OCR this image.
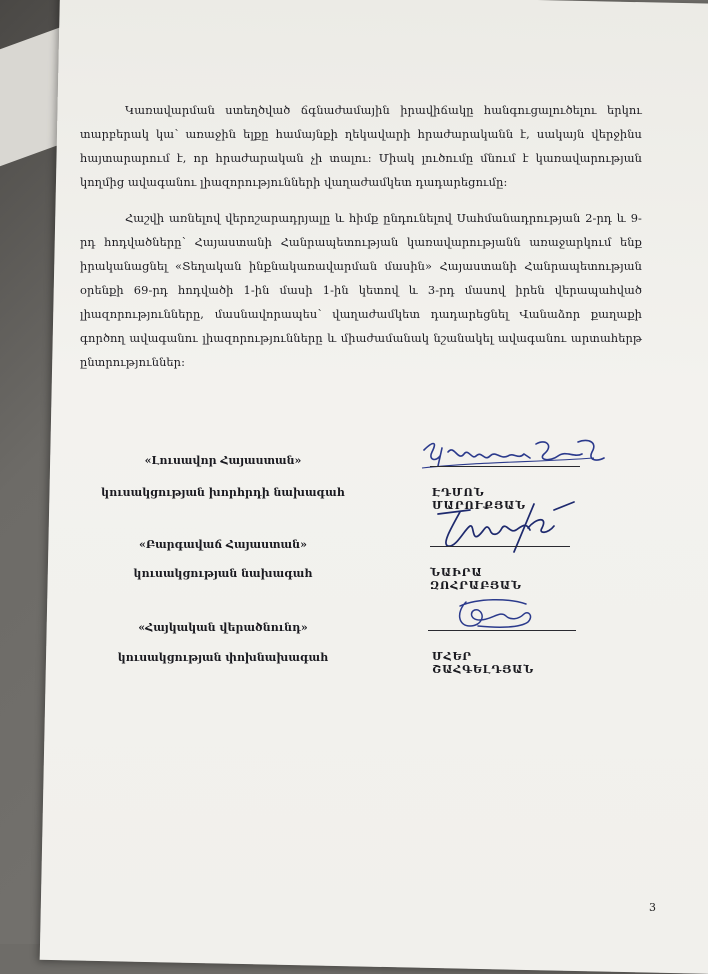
Կառավարման ստեղծված ճգնաժամային իրավիճակը հանգուցալուծելու երկու տարբերակ կա՝ առաջին ելքը համայնքի ղեկավարի հրաժարականն է, սակայն վերջինս հայտարարում է, որ հրաժարական չի տալու: Միակ լուծումը մնում է կառավարության կողմից ավագանու լիազորությունների վաղաժամկետ դադարեցումը:

Հաշվի առնելով վերոշարադրյալը և հիմք ընդունելով Սահմանադրության 2-րդ և 9-րդ հոդվածները՝ Հայաստանի Հանրապետության կառավարությանն առաջարկում ենք իրականացնել «Տեղական ինքնակառավարման մասին» Հայաստանի Հանրապետության օրենքի 69-րդ հոդվածի 1-ին մասի 1-ին կետով և 3-րդ մասով իրեն վերապահված լիազորությունները, մասնավորապես՝ վաղաժամկետ դադարեցնել Վանաձոր քաղաքի գործող ավագանու լիազորությունները և միաժամանակ նշանակել ավագանու արտահերթ ընտրություններ:

«Լուսավոր Հայաստան»
կուսակցության խորհրդի նախագահ	ԷԴՄՈՆ ՄԱՐՈՒՔՅԱՆ
«Բարգավաճ Հայաստան»
կուսակցության նախագահ	ՆԱԻՐԱ ԶՈՀՐԱԲՅԱՆ
«Հայկական վերածնունդ»
կուսակցության փոխնախագահ	ՄՀԵՐ ՇԱՀԳԵԼԴՅԱՆ
3
